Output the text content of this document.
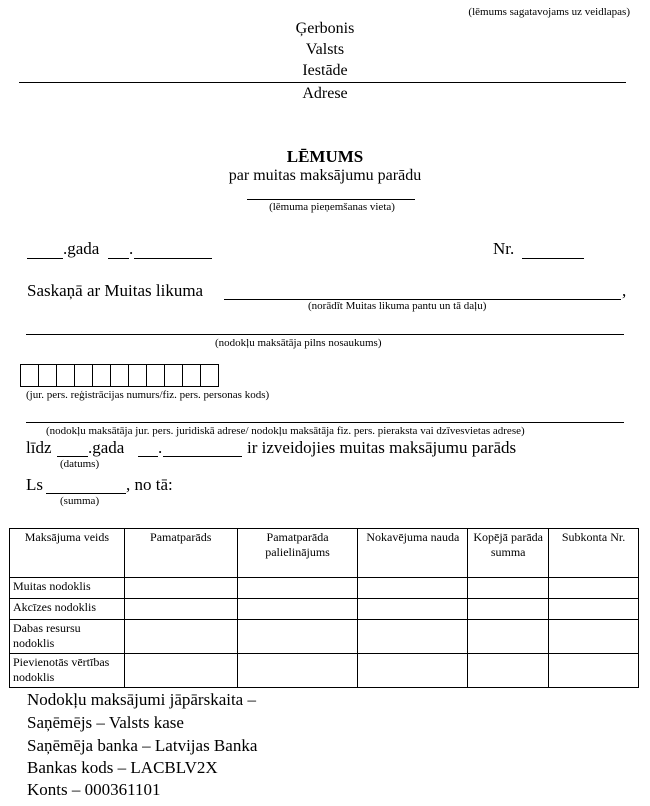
(lēmums sagatavojams uz veidlapas)
Ģerbonis
Valsts
Iestāde
Adrese
LĒMUMS
par muitas maksājumu parādu
(lēmuma pieņemšanas vieta)
.gada .	Nr.
Saskaņā ar Muitas likuma	,
(norādīt Muitas likuma pantu un tā daļu)
(nodokļu maksātāja pilns nosaukums)
(jur. pers. reģistrācijas numurs/fiz. pers. personas kods)
(nodokļu maksātāja jur. pers. juridiskā adrese/ nodokļu maksātāja fiz. pers. pieraksta vai dzīvesvietas adrese)
līdz .gada .	ir izveidojies muitas maksājumu parāds
(datums)
Ls	, no tā:
(summa)
Maksājuma veids	Pamatparāds	Pamatparāda palielinājums	Nokavējuma nauda	Kopējā parāda summa	Subkonta Nr.
Muitas nodoklis					
Akcīzes nodoklis					
Dabas resursu nodoklis					
Pievienotās vērtības nodoklis					
Nodokļu maksājumi jāpārskaita –
Saņēmējs – Valsts kase
Saņēmēja banka – Latvijas Banka
Bankas kods – LACBLV2X
Konts – 000361101
